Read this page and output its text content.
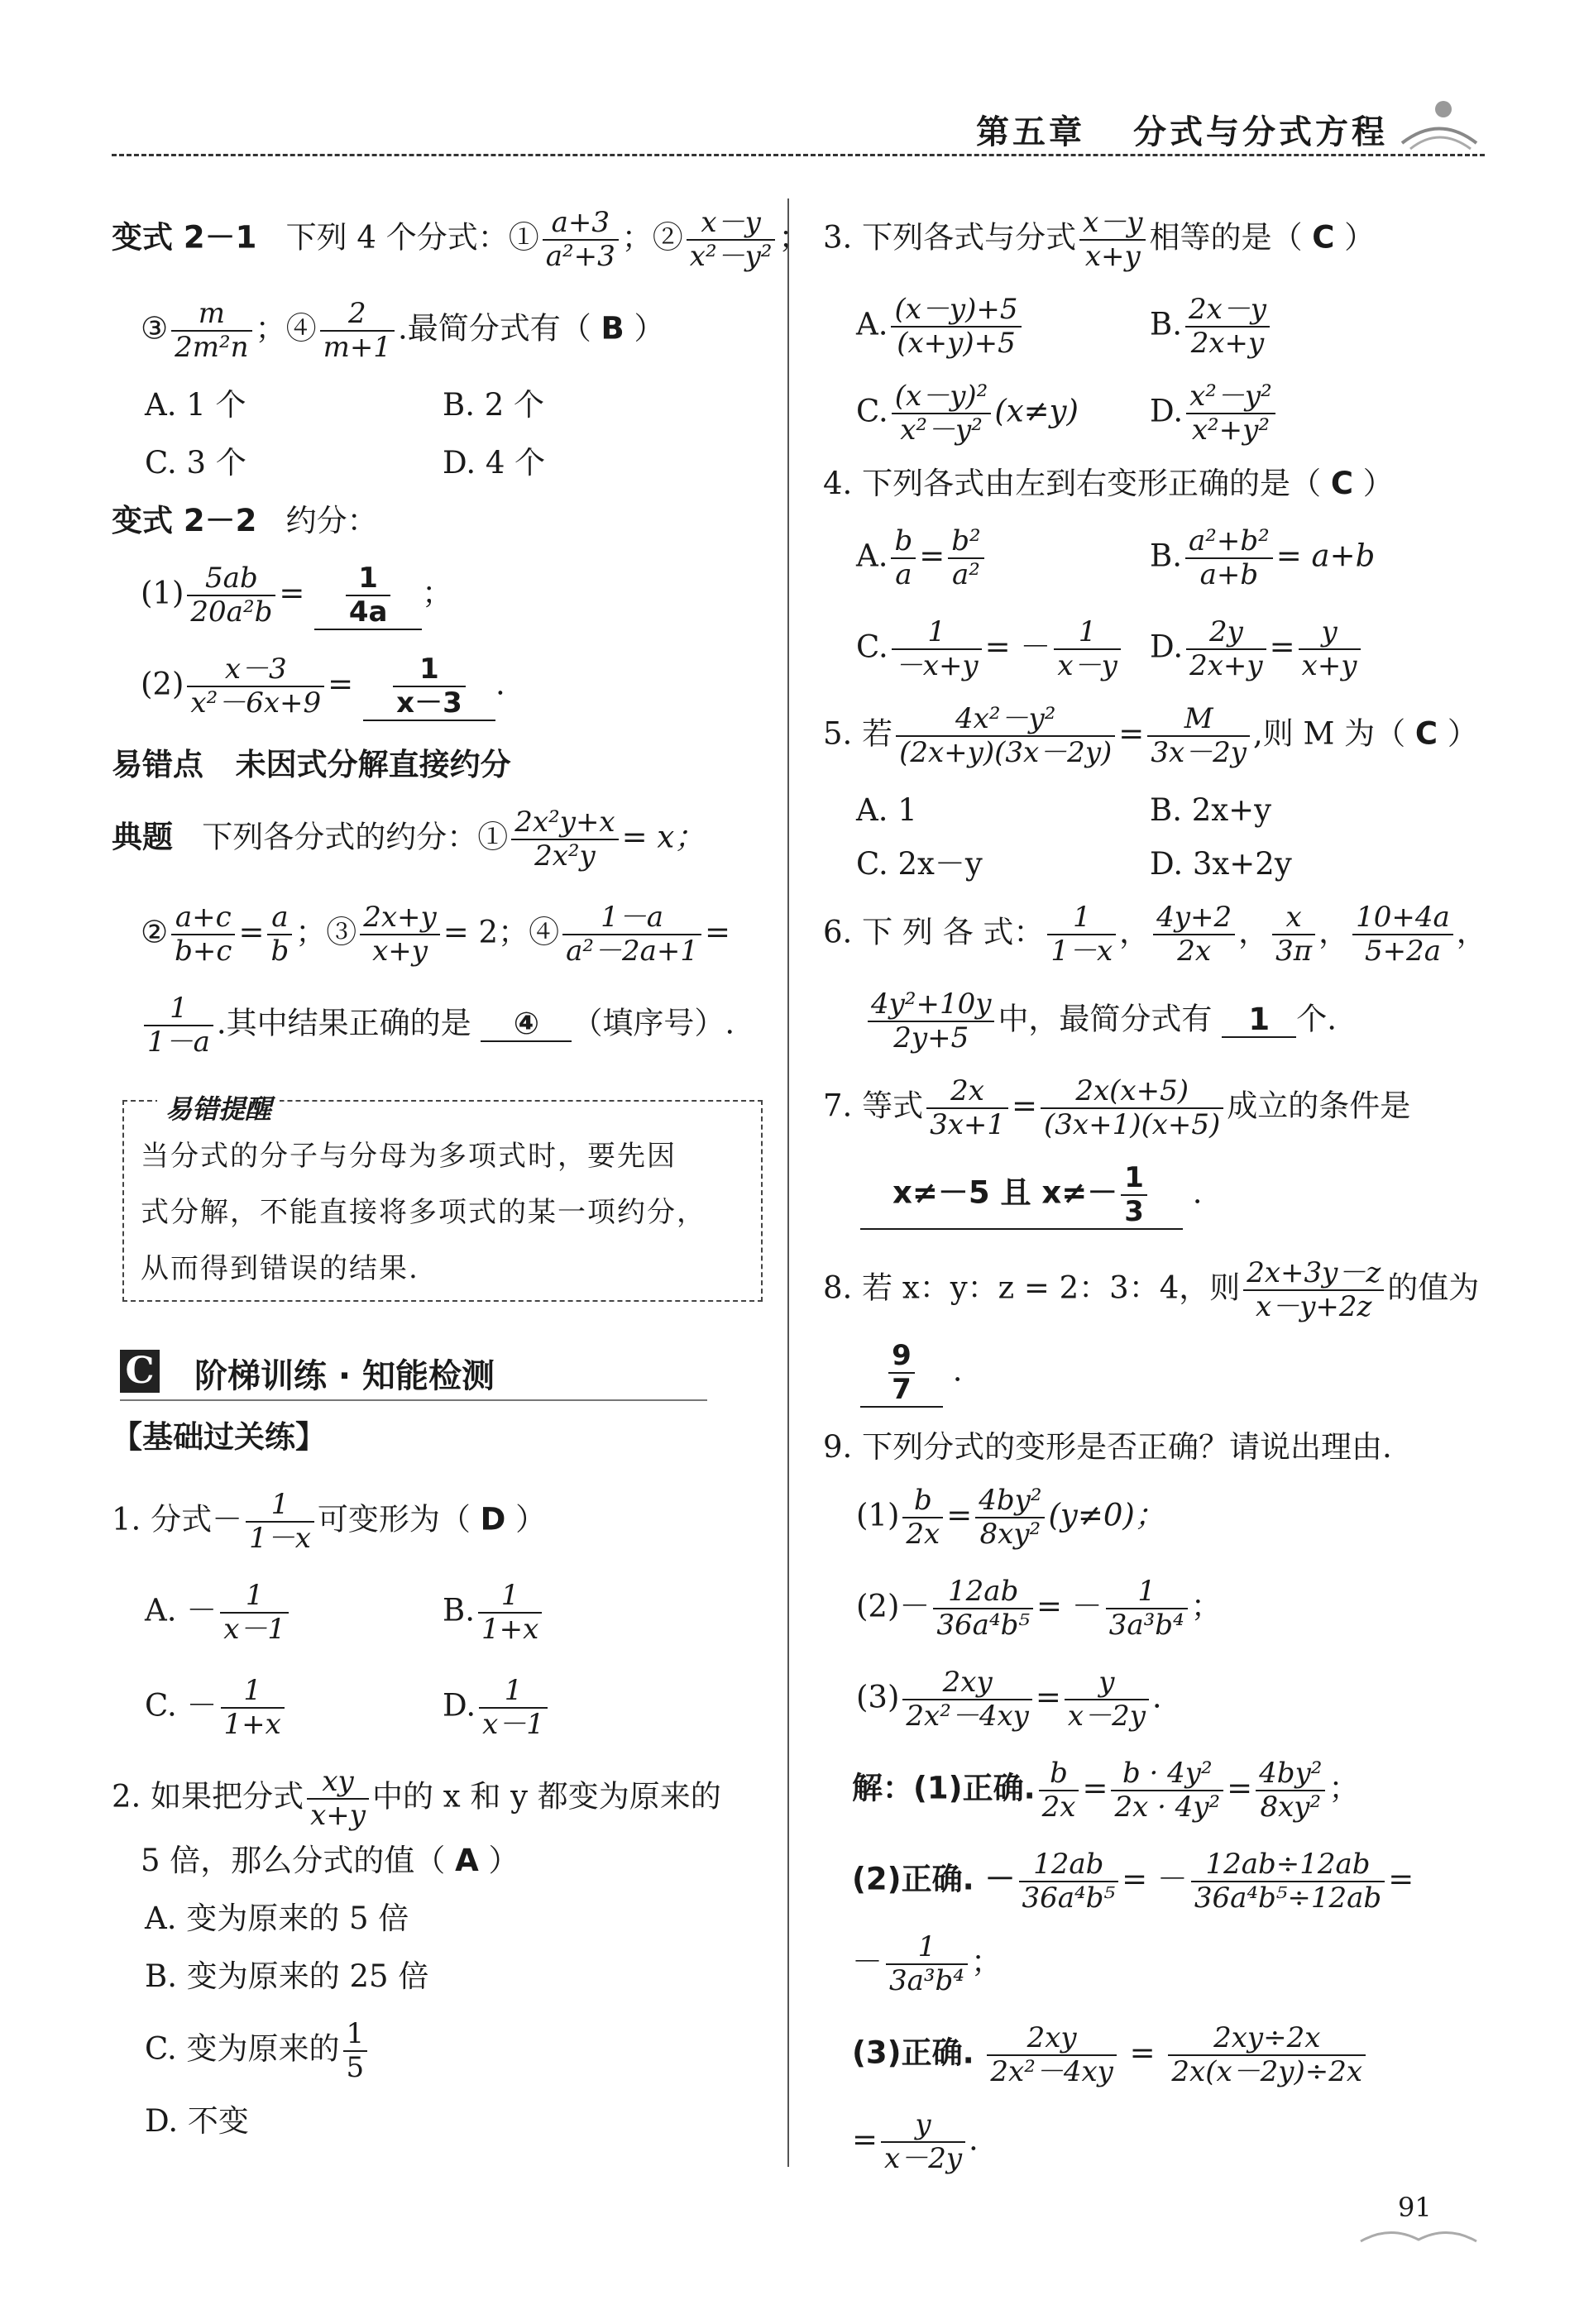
第五章 分式与分式方程
变式 2－1 下列 4 个分式：① $\frac{a+3}{\text{a²+3}}$ ；② $\frac{x-y}{\text{x²－y²}}$ ；
③ $\frac{m}{\text{2m²n}}$ ；④ $\frac{2}{m+1}$ .最简分式有（ B ）
A. 1 个	B. 2 个
C. 3 个	D. 4 个
变式 2－2 约分：
$(1) \frac{5ab}{\text{20a²b}} = \frac{1}{4a}$ ；
$(2) \frac{x-3}{\text{x²－6x+9}} = \frac{1}{x-3}$ .
易错点 未因式分解直接约分
典题 下列各分式的约分：① $\frac{\text{2x²y+x}}{\text{2x²y}} = x$；
② $\frac{a+c}{b+c} = \frac{a}{b}$ ；③ $\frac{2x+y}{x+y} = 2$；④ $\frac{1-a}{\text{a²－2a+1}}$ =
$\frac{1}{1-a}$ .其中结果正确的是 ④ （填序号）.
易错提醒
当分式的分子与分母为多项式时，要先因
式分解，不能直接将多项式的某一项约分，
从而得到错误的结果.
C 阶梯训练 · 知能检测
【基础过关练】
1. 分式－ $\frac{1}{1-x}$ 可变形为（ D ）
A. － $\frac{1}{x-1}$	B. $\frac{1}{1+x}$
C. － $\frac{1}{1+x}$	D. $\frac{1}{x-1}$
2. 如果把分式 $\frac{xy}{x+y}$ 中的 x 和 y 都变为原来的
5 倍，那么分式的值（ A ）
A. 变为原来的 5 倍
B. 变为原来的 25 倍
C. 变为原来的 $\frac{1}{5}$
D. 不变
3. 下列各式与分式 $\frac{x-y}{x+y}$ 相等的是（ C ）
A. $\frac{(x-y)+5}{(x+y)+5}$	B. $\frac{2x-y}{2x+y}$
C. $\frac{\text{(x－y)²}}{\text{x²－y²}} (x\ne y)$ D. $\frac{\text{x²－y²}}{\text{x²+y²}}$
4. 下列各式由左到右变形正确的是（ C ）
A. $\frac{b}{a} = \frac{\text{b²}}{\text{a²}}$	B. $\frac{\text{a²+b²}}{a+b} = a+b$
C. $\frac{1}{-x+y}$ = － $\frac{1}{x-y} D$. $\frac{2y}{2x+y} = \frac{y}{x+y}$
5. 若 $\frac{\text{4x²－y²}}{(2x+y)(3x-2y)} = \frac{M}{3x-2y}$ ,则 M 为（ C ）
A. 1	B. 2x+y
C. 2x－y	D. 3x+2y
6. 下 列 各 式： $\frac{1}{1-x}$ ， $\frac{4y+2}{2x}$ ， $\frac{x}{3\pi}$ ， $\frac{10+4a}{5+2a}$ ，
$\frac{\text{4y²+10y}}{2y+5}$ 中，最简分式有 1 个.
7. 等式 $\frac{2x}{3x+1} = \frac{2x(x+5)}{(3x+1)(x+5)}$ 成立的条件是
x≠－5 且 $x\ne- \frac{1}{3}$ .
8. 若 x：y：z = 2：3：4，则 $\frac{2x+3y-z}{x-y+2z}$ 的值为
$\frac{9}{7}$ .
9. 下列分式的变形是否正确？请说出理由.
$(1) \frac{b}{2x} = \frac{\text{4by²}}{\text{8xy²}} (y\ne 0)$；
$(2)- \frac{12ab}{\text{36a⁴b⁵}}$ = － $\frac{1}{\text{3a³b⁴}}$ ；
$(3) \frac{2xy}{\text{2x²－4xy}} = \frac{y}{x-2y}$ .
解：(1)正确. $\frac{b}{2x} = \frac{\text{b · 4y²}}{\text{2x · 4y²}} = \frac{\text{4by²}}{\text{8xy²}}$ ；
(2)正确. － $\frac{12ab}{\text{36a⁴b⁵}}$ = － $\frac{12ab\div 12ab}{\text{36a⁴b⁵÷12ab}}$ =
－ $\frac{1}{\text{3a³b⁴}}$ ；
(3)正确. $\frac{2xy}{\text{2x²－4xy}} = \frac{2xy\div 2x}{2x(x-2y)\div 2x}$
= $\frac{y}{x-2y}$ .
91
